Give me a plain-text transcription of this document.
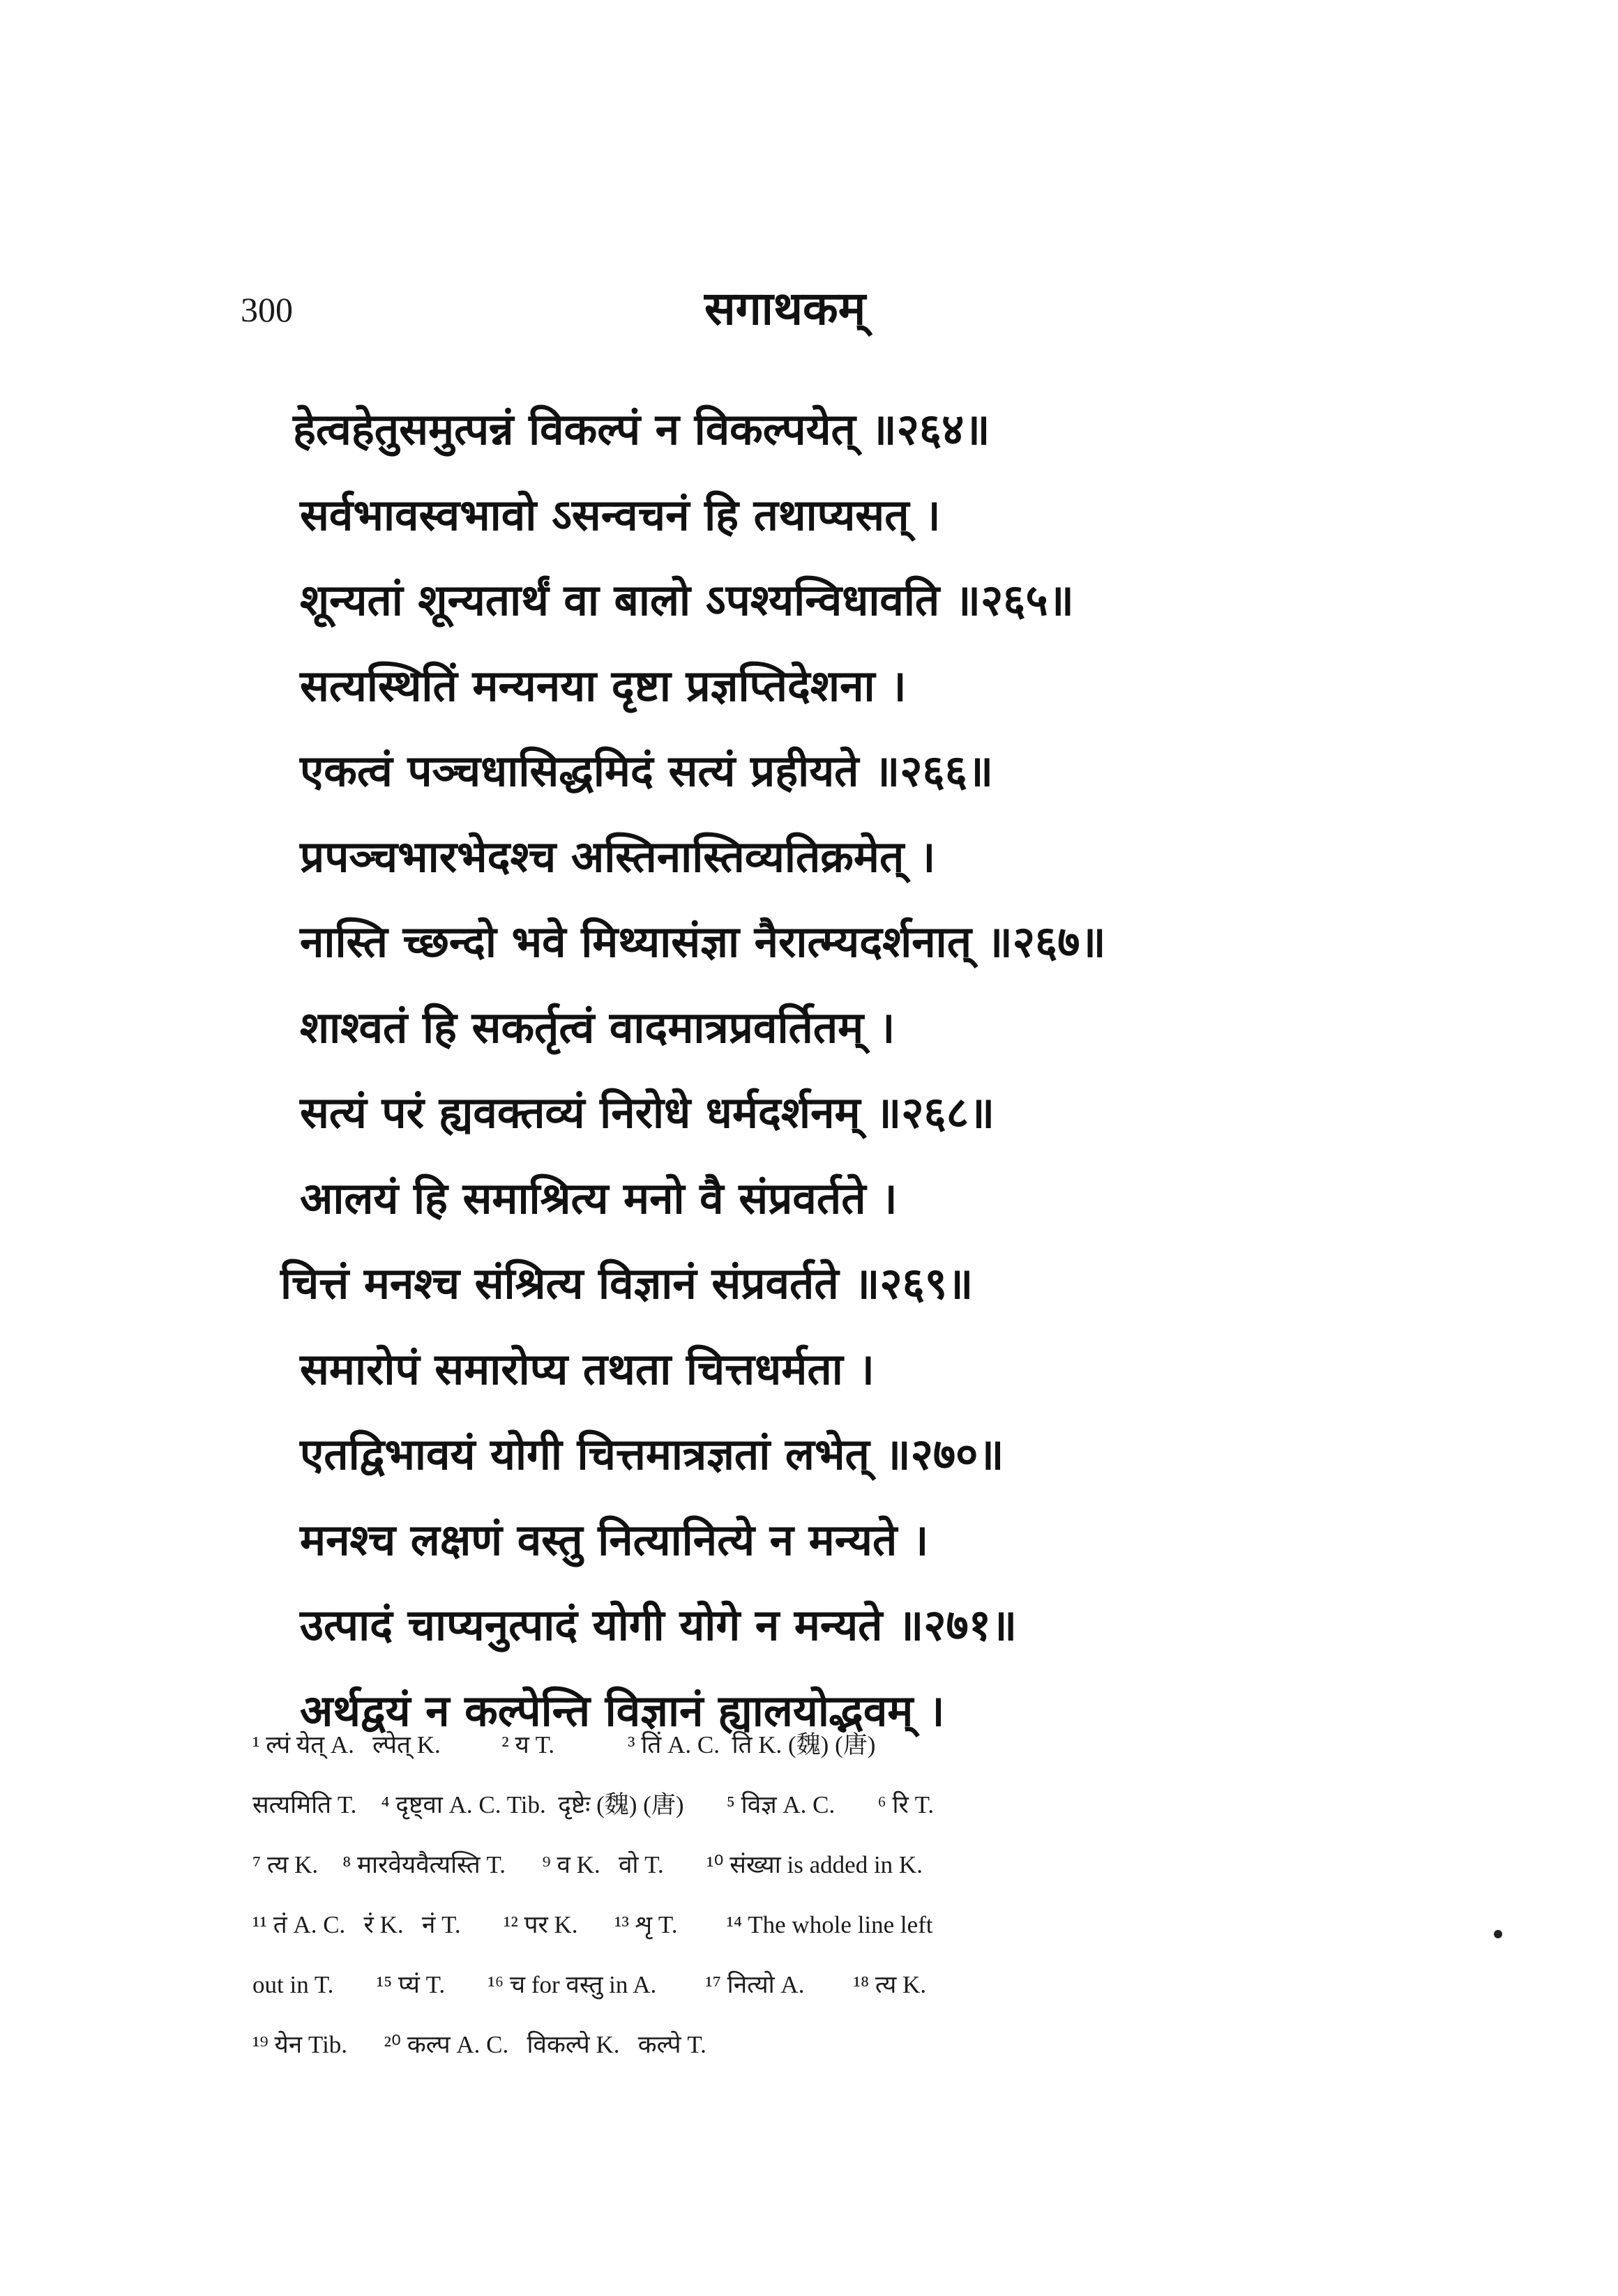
300	सगाथकम्
हेत्वहेतुसमुत्पन्नं विकल्पं न विकल्पयेत् ॥२६४॥
सर्वभावस्वभावो ऽसन्वचनं हि तथाप्यसत् ।
शून्यतां शून्यतार्थं वा बालो ऽपश्यन्विधावति ॥२६५॥
सत्यस्थितिं मन्यनया दृष्टा प्रज्ञप्तिदेशना ।
एकत्वं पञ्चधासिद्धमिदं सत्यं प्रहीयते ॥२६६॥
प्रपञ्चभारभेदश्च अस्तिनास्तिव्यतिक्रमेत् ।
नास्ति च्छन्दो भवे मिथ्यासंज्ञा नैरात्म्यदर्शनात् ॥२६७॥
शाश्वतं हि सकर्तृत्वं वादमात्रप्रवर्तितम् ।
सत्यं परं ह्यवक्तव्यं निरोधे धर्मदर्शनम् ॥२६८॥
आलयं हि समाश्रित्य मनो वै संप्रवर्तते ।
चित्तं मनश्च संश्रित्य विज्ञानं संप्रवर्तते ॥२६९॥
समारोपं समारोप्य तथता चित्तधर्मता ।
एतद्विभावयं योगी चित्तमात्रज्ञतां लभेत् ॥२७०॥
मनश्च लक्षणं वस्तु नित्यानित्ये न मन्यते ।
उत्पादं चाप्यनुत्पादं योगी योगे न मन्यते ॥२७१॥
अर्थद्वयं न कल्पेन्ति विज्ञानं ह्यालयोद्भवम् ।
¹ ल्पं येत् A.   ल्पेत् K.          ² य T.            ³ तिं A. C.  ति K. (魏) (唐)
सत्यमिति T.    ⁴ दृष्ट्वा A. C. Tib.  दृष्टेः (魏) (唐)       ⁵ विज्ञ A. C.       ⁶ रि T.
⁷ त्य K.    ⁸ मारवेयवैत्यस्ति T.      ⁹ व K.   वो T.       ¹⁰ संख्या is added in K.
¹¹ तं A. C.   रं K.   नं T.       ¹² पर K.      ¹³ शृ T.        ¹⁴ The whole line left
out in T.       ¹⁵ प्यं T.       ¹⁶ च for वस्तु in A.        ¹⁷ नित्यो A.        ¹⁸ त्य K.
¹⁹ येन Tib.      ²⁰ कल्प A. C.   विकल्पे K.   कल्पे T.
